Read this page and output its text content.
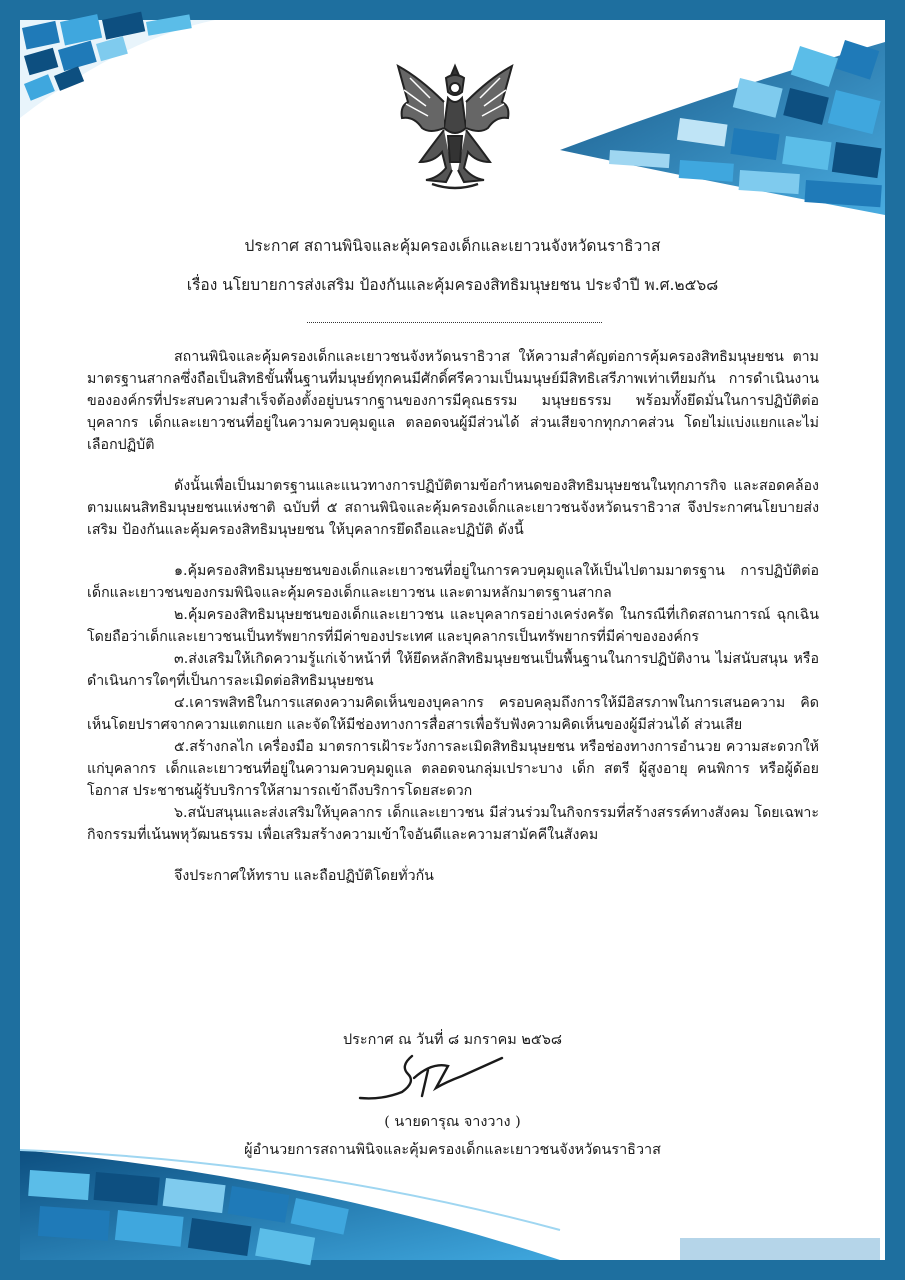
ประกาศ สถานพินิจและคุ้มครองเด็กและเยาวนจังหวัดนราธิวาส
เรื่อง นโยบายการส่งเสริม ป้องกันและคุ้มครองสิทธิมนุษยชน ประจำปี พ.ศ.๒๕๖๘

สถานพินิจและคุ้มครองเด็กและเยาวชนจังหวัดนราธิวาส ให้ความสำคัญต่อการคุ้มครองสิทธิมนุษยชน ตามมาตรฐานสากลซึ่งถือเป็นสิทธิขั้นพื้นฐานที่มนุษย์ทุกคนมีศักดิ์ศรีความเป็นมนุษย์มีสิทธิเสรีภาพเท่าเทียมกัน การดำเนินงานขององค์กรที่ประสบความสำเร็จต้องตั้งอยู่บนรากฐานของการมีคุณธรรม มนุษยธรรม พร้อมทั้งยึดมั่นในการปฏิบัติต่อบุคลากร เด็กและเยาวชนที่อยู่ในความควบคุมดูแล ตลอดจนผู้มีส่วนได้ ส่วนเสียจากทุกภาคส่วน โดยไม่แบ่งแยกและไม่เลือกปฏิบัติ

ดังนั้นเพื่อเป็นมาตรฐานและแนวทางการปฏิบัติตามข้อกำหนดของสิทธิมนุษยชนในทุกภารกิจ และสอดคล้องตามแผนสิทธิมนุษยชนแห่งชาติ ฉบับที่ ๕ สถานพินิจและคุ้มครองเด็กและเยาวชนจังหวัดนราธิวาส จึงประกาศนโยบายส่งเสริม ป้องกันและคุ้มครองสิทธิมนุษยชน ให้บุคลากรยึดถือและปฏิบัติ ดังนี้

๑.คุ้มครองสิทธิมนุษยชนของเด็กและเยาวชนที่อยู่ในการควบคุมดูแลให้เป็นไปตามมาตรฐาน การปฏิบัติต่อเด็กและเยาวชนของกรมพินิจและคุ้มครองเด็กและเยาวชน และตามหลักมาตรฐานสากล

๒.คุ้มครองสิทธิมนุษยชนของเด็กและเยาวชน และบุคลากรอย่างเคร่งครัด ในกรณีที่เกิดสถานการณ์ ฉุกเฉิน โดยถือว่าเด็กและเยาวชนเป็นทรัพยากรที่มีค่าของประเทศ และบุคลากรเป็นทรัพยากรที่มีค่าขององค์กร

๓.ส่งเสริมให้เกิดความรู้แก่เจ้าหน้าที่ ให้ยึดหลักสิทธิมนุษยชนเป็นพื้นฐานในการปฏิบัติงาน ไม่สนับสนุน หรือดำเนินการใดๆที่เป็นการละเมิดต่อสิทธิมนุษยชน

๔.เคารพสิทธิในการแสดงความคิดเห็นของบุคลากร ครอบคลุมถึงการให้มีอิสรภาพในการเสนอความ คิดเห็นโดยปราศจากความแตกแยก และจัดให้มีช่องทางการสื่อสารเพื่อรับฟังความคิดเห็นของผู้มีส่วนได้ ส่วนเสีย

๕.สร้างกลไก เครื่องมือ มาตรการเฝ้าระวังการละเมิดสิทธิมนุษยชน หรือช่องทางการอำนวย ความสะดวกให้แก่บุคลากร เด็กและเยาวชนที่อยู่ในความควบคุมดูแล ตลอดจนกลุ่มเปราะบาง เด็ก สตรี ผู้สูงอายุ คนพิการ หรือผู้ด้อยโอกาส ประชาชนผู้รับบริการให้สามารถเข้าถึงบริการโดยสะดวก

๖.สนับสนุนและส่งเสริมให้บุคลากร เด็กและเยาวชน มีส่วนร่วมในกิจกรรมที่สร้างสรรค์ทางสังคม โดยเฉพาะกิจกรรมที่เน้นพหุวัฒนธรรม เพื่อเสริมสร้างความเข้าใจอันดีและความสามัคคีในสังคม

จึงประกาศให้ทราบ และถือปฏิบัติโดยทั่วกัน

ประกาศ ณ วันที่ ๘ มกราคม ๒๕๖๘
( นายดารุณ จางวาง )
ผู้อำนวยการสถานพินิจและคุ้มครองเด็กและเยาวชนจังหวัดนราธิวาส
